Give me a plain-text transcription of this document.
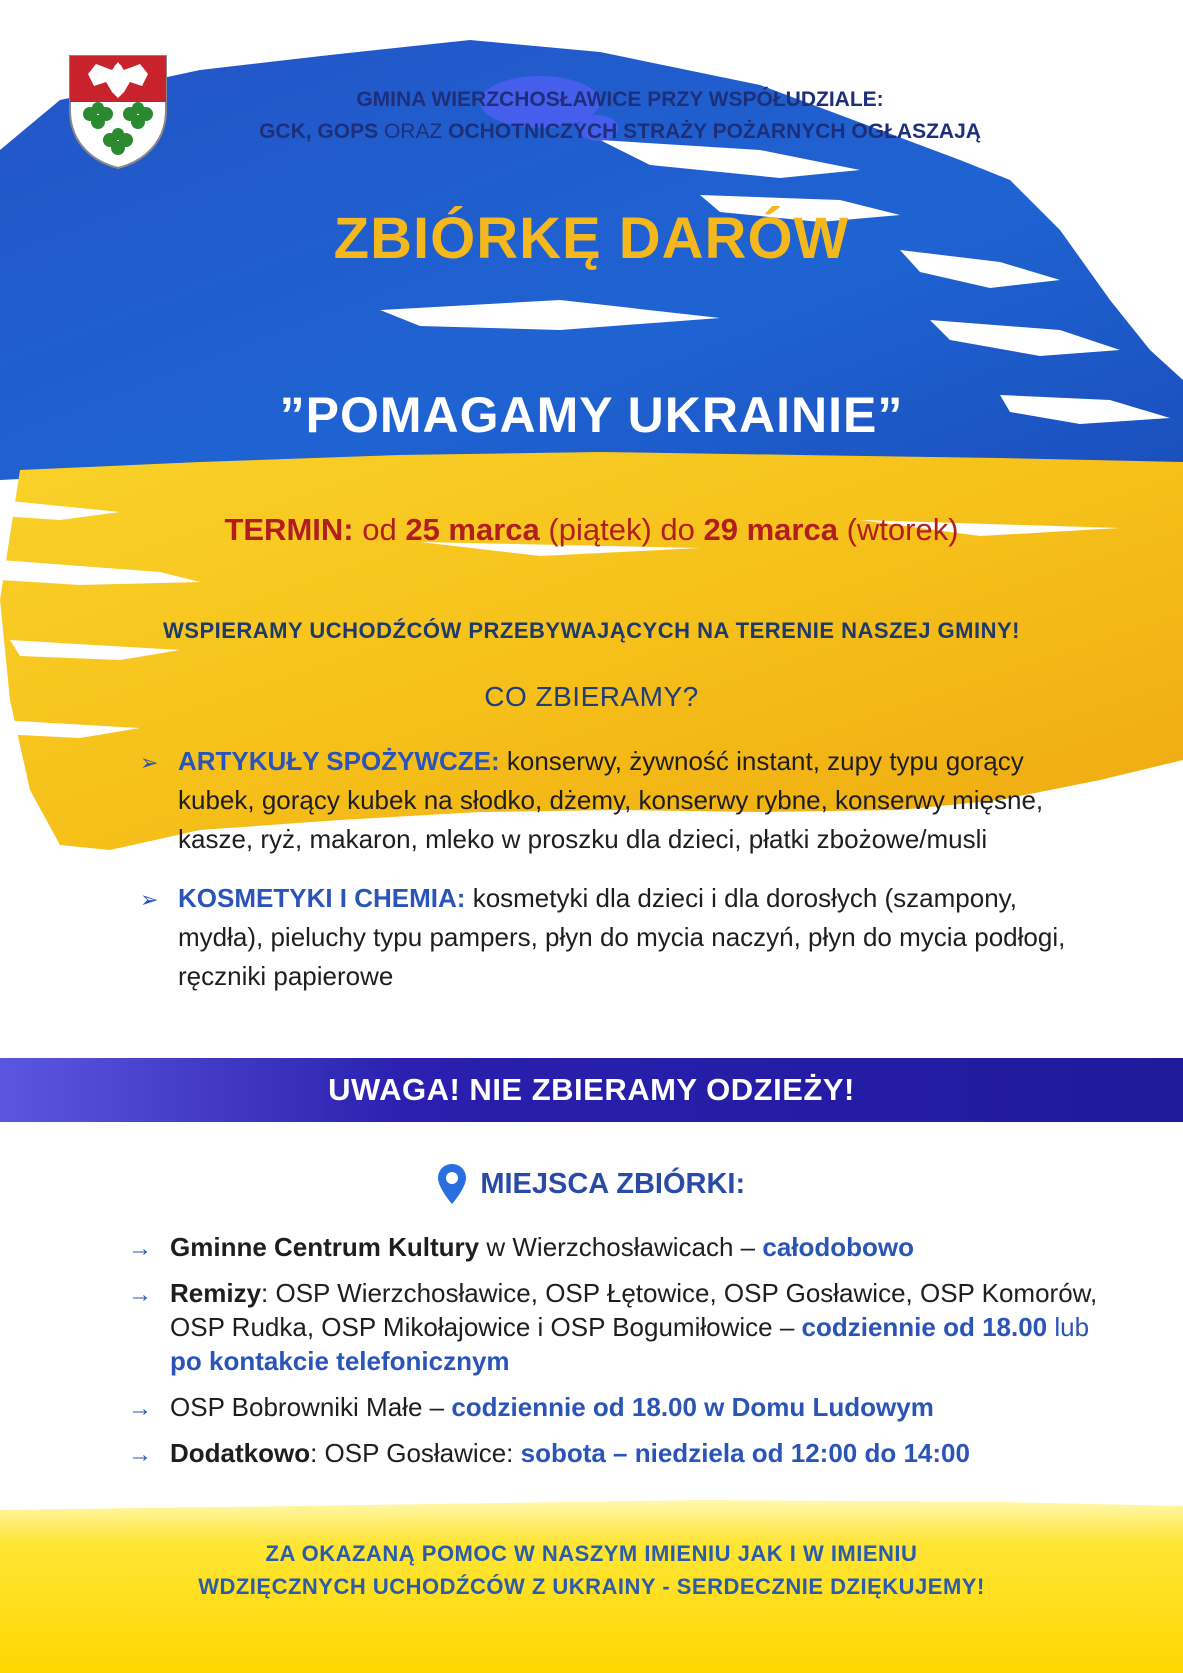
GMINA WIERZCHOSŁAWICE PRZY WSPÓŁUDZIALE:
GCK, GOPS ORAZ OCHOTNICZYCH STRAŻY POŻARNYCH OGŁASZAJĄ
ZBIÓRKĘ DARÓW
”POMAGAMY UKRAINIE”
TERMIN: od 25 marca (piątek) do 29 marca (wtorek)
WSPIERAMY UCHODŹCÓW PRZEBYWAJĄCYCH NA TERENIE NASZEJ GMINY!
CO ZBIERAMY?
➢ ARTYKUŁY SPOŻYWCZE: konserwy, żywność instant, zupy typu gorący kubek, gorący kubek na słodko, dżemy, konserwy rybne, konserwy mięsne, kasze, ryż, makaron, mleko w proszku dla dzieci, płatki zbożowe/musli
➢ KOSMETYKI I CHEMIA: kosmetyki dla dzieci i dla dorosłych (szampony, mydła), pieluchy typu pampers, płyn do mycia naczyń, płyn do mycia podłogi, ręczniki papierowe
UWAGA! NIE ZBIERAMY ODZIEŻY!
MIEJSCA ZBIÓRKI:
→ Gminne Centrum Kultury w Wierzchosławicach – całodobowo
→ Remizy: OSP Wierzchosławice, OSP Łętowice, OSP Gosławice, OSP Komorów, OSP Rudka, OSP Mikołajowice i OSP Bogumiłowice – codziennie od 18.00 lub po kontakcie telefonicznym
→ OSP Bobrowniki Małe – codziennie od 18.00 w Domu Ludowym
→ Dodatkowo: OSP Gosławice: sobota – niedziela od 12:00 do 14:00
ZA OKAZANĄ POMOC W NASZYM IMIENIU JAK I W IMIENIU
WDZIĘCZNYCH UCHODŹCÓW Z UKRAINY - SERDECZNIE DZIĘKUJEMY!
